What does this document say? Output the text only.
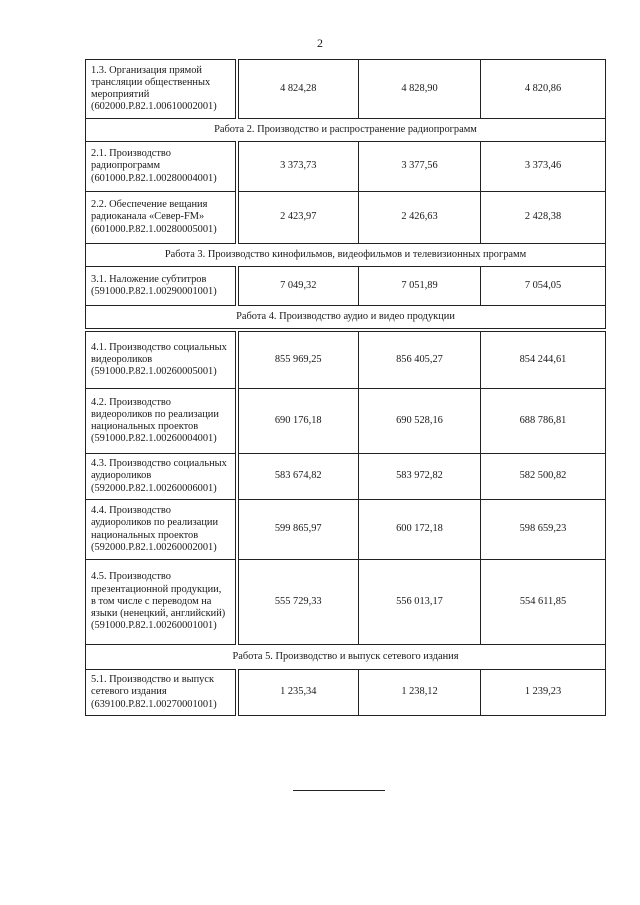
2
1.3. Организация прямой трансляции общественных мероприятий (602000.Р.82.1.00610002001)	4 824,28	4 828,90	4 820,86
Работа 2. Производство и распространение радиопрограмм			
2.1. Производство радиопрограмм (601000.Р.82.1.00280004001)	3 373,73	3 377,56	3 373,46
2.2. Обеспечение вещания радиоканала «Север-FM» (601000.Р.82.1.00280005001)	2 423,97	2 426,63	2 428,38
Работа 3. Производство кинофильмов, видеофильмов и телевизионных программ			
3.1. Наложение субтитров (591000.Р.82.1.00290001001)	7 049,32	7 051,89	7 054,05
Работа 4. Производство аудио и видео продукции			

4.1. Производство социальных видеороликов (591000.Р.82.1.00260005001)	855 969,25	856 405,27	854 244,61
4.2. Производство видеороликов по реализации национальных проектов (591000.Р.82.1.00260004001)	690 176,18	690 528,16	688 786,81
4.3. Производство социальных аудиороликов (592000.Р.82.1.00260006001)	583 674,82	583 972,82	582 500,82
4.4. Производство аудиороликов по реализации национальных проектов (592000.Р.82.1.00260002001)	599 865,97	600 172,18	598 659,23
4.5. Производство презентационной продукции, в том числе с переводом на языки (ненецкий, английский) (591000.Р.82.1.00260001001)	555 729,33	556 013,17	554 611,85
Работа 5. Производство и выпуск сетевого издания			
5.1. Производство и выпуск сетевого издания (639100.Р.82.1.00270001001)	1 235,34	1 238,12	1 239,23
